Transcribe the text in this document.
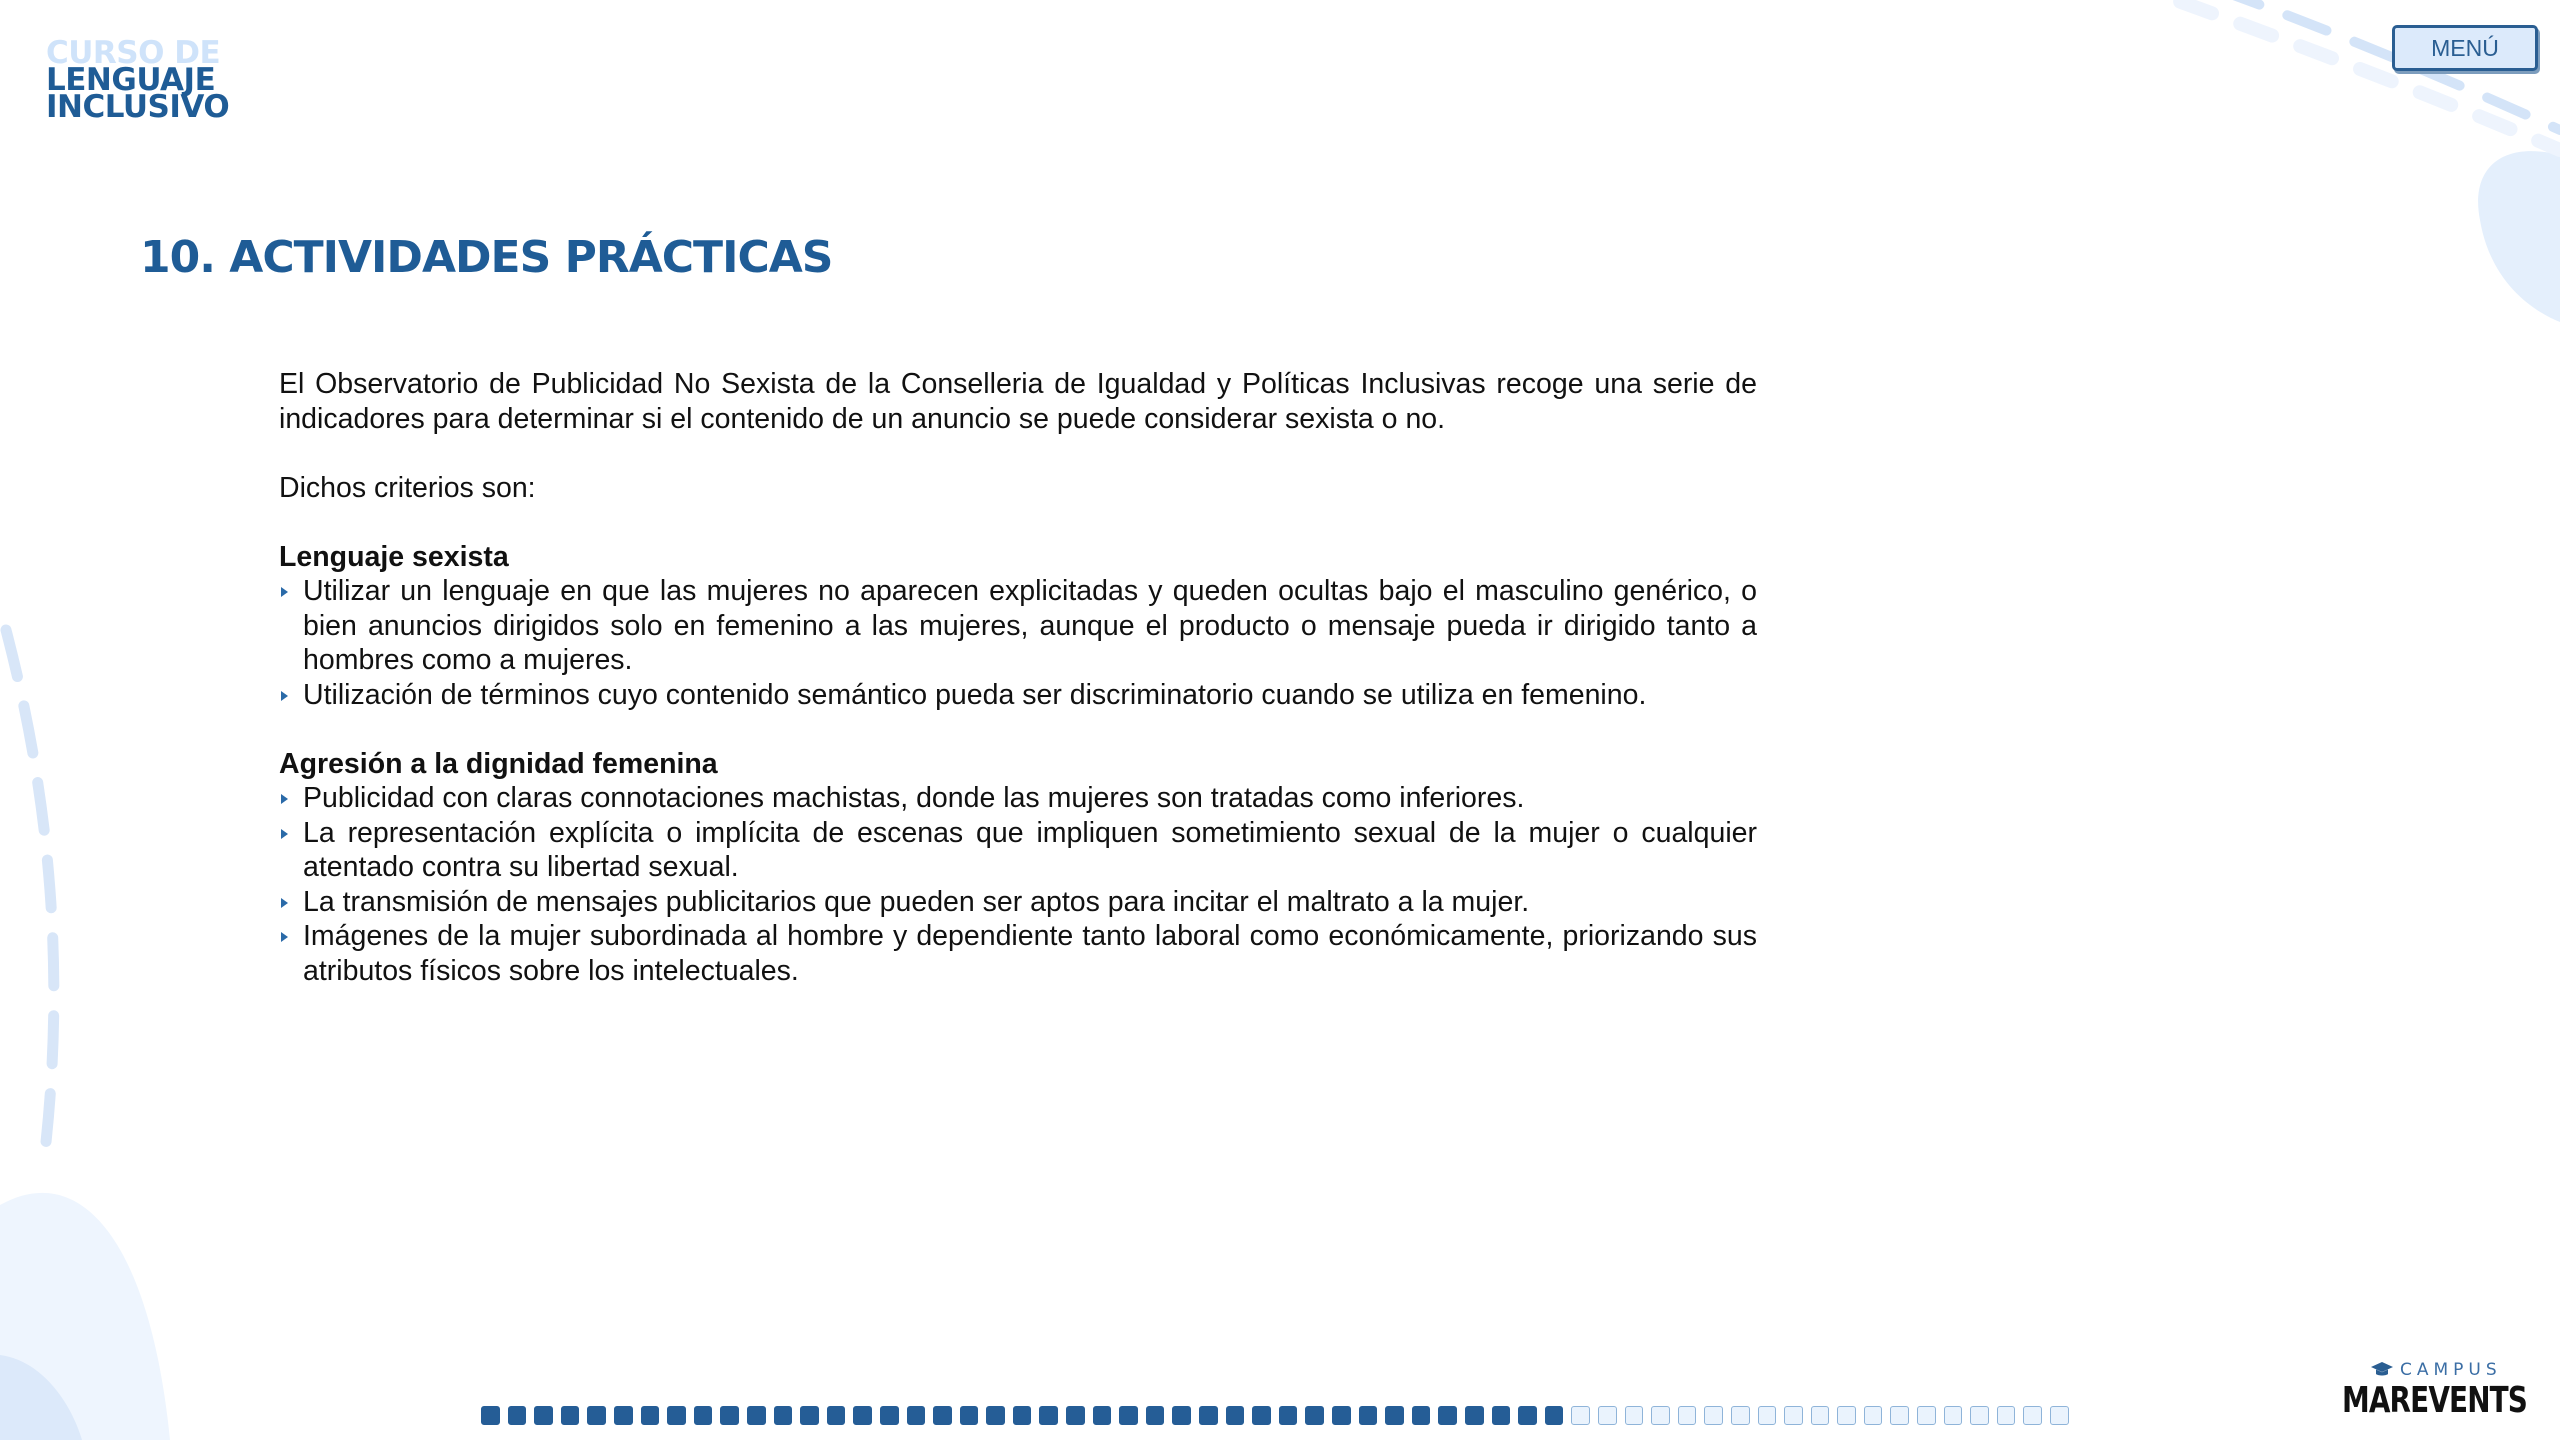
CURSO DE
LENGUAJE
INCLUSIVO
MENÚ
10. ACTIVIDADES PRÁCTICAS

El Observatorio de Publicidad No Sexista de la Conselleria de Igualdad y Políticas Inclusivas recoge una serie de indicadores para determinar si el contenido de un anuncio se puede considerar sexista o no.

Dichos criterios son:

Lenguaje sexista

Utilizar un lenguaje en que las mujeres no aparecen explicitadas y queden ocultas bajo el masculino genérico, o bien anuncios dirigidos solo en femenino a las mujeres, aunque el producto o mensaje pueda ir dirigido tanto a hombres como a mujeres.
Utilización de términos cuyo contenido semántico pueda ser discriminatorio cuando se utiliza en femenino.

Agresión a la dignidad femenina

Publicidad con claras connotaciones machistas, donde las mujeres son tratadas como inferiores.
La representación explícita o implícita de escenas que impliquen sometimiento sexual de la mujer o cualquier atentado contra su libertad sexual.
La transmisión de mensajes publicitarios que pueden ser aptos para incitar el maltrato a la mujer.
Imágenes de la mujer subordinada al hombre y dependiente tanto laboral como económicamente, priorizando sus atributos físicos sobre los intelectuales.
CAMPUS
MAREVENTS
